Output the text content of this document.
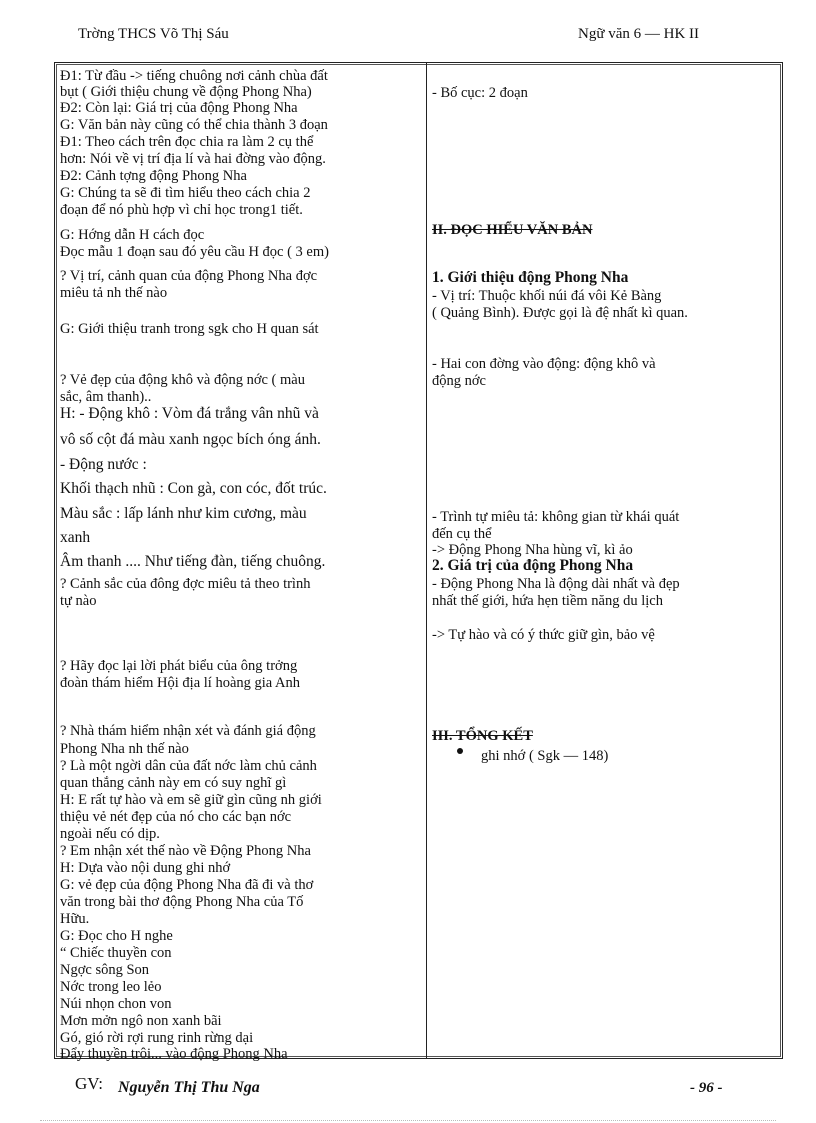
Trờng THCS Võ Thị Sáu	Ngữ văn 6 — HK II
Đ1: Từ đầu -> tiếng chuông nơi cảnh chùa đất
bụt ( Giới thiệu chung về động Phong Nha)
Đ2: Còn lại: Giá trị của động Phong Nha
G: Văn bản này cũng có thể chia thành 3 đoạn
Đ1: Theo cách trên đọc chia ra làm 2 cụ thể
hơn: Nói về vị trí địa lí và hai đờng vào động.
Đ2: Cảnh tợng động Phong Nha
G: Chúng ta sẽ đi tìm hiểu theo cách chia 2
đoạn để nó phù hợp vì chỉ học trong1 tiết.
G: Hớng dẫn H cách đọc
Đọc mẫu 1 đoạn sau đó yêu cầu H đọc ( 3 em)
? Vị trí, cảnh quan của động Phong Nha đợc
miêu tả nh thế nào
G: Giới thiệu tranh trong sgk cho H quan sát
? Vẻ đẹp của động khô và động nớc ( màu
sắc, âm thanh)..
H: - Động khô : Vòm đá trắng vân nhũ và
vô số cột đá màu xanh ngọc bích óng ánh.
- Động nước :
Khối thạch nhũ : Con gà, con cóc, đốt trúc.
Màu sắc : lấp lánh như kim cương, màu
xanh
Âm thanh .... Như tiếng đàn, tiếng chuông.
? Cảnh sắc của đông đợc miêu tả theo trình
tự nào
? Hãy đọc lại lời phát biểu của ông trởng
đoàn thám hiểm Hội địa lí hoàng gia Anh
? Nhà thám hiểm nhận xét và đánh giá động
Phong Nha nh thế nào
? Là một ngời dân của đất nớc làm chủ cảnh
quan thắng cảnh này em có suy nghĩ gì
H: E rất tự hào và em sẽ giữ gìn cũng nh giới
thiệu vẻ nét đẹp của nó cho các bạn nớc
ngoài nếu có dịp.
? Em nhận xét thế nào về Động Phong Nha
H: Dựa vào nội dung ghi nhớ
G: vẻ đẹp của động Phong Nha đã đi và thơ
văn trong bài thơ động Phong Nha của Tố
Hữu.
G: Đọc cho H nghe
“ Chiếc thuyền con
Ngợc sông Son
Nớc trong leo lẻo
Núi nhọn chon von
Mơn mởn ngô non xanh bãi
Gó, gió rời rợi rung rinh rừng dại
Đẩy thuyền trôi... vào động Phong Nha
- Bố cục: 2 đoạn
II. ĐỌC HIỂU VĂN BẢN
1. Giới thiệu động Phong Nha
- Vị trí: Thuộc khối núi đá vôi Kẻ Bàng
( Quảng Bình). Được gọi là đệ nhất kì quan.
- Hai con đờng vào động: động khô và
động nớc
- Trình tự miêu tả: không gian từ khái quát
đến cụ thể
-> Động Phong Nha hùng vĩ, kì ảo
2. Giá trị của động Phong Nha
- Động Phong Nha là động dài nhất và đẹp
nhất thế giới, hứa hẹn tiềm năng du lịch
-> Tự hào và có ý thức giữ gìn, bảo vệ
III. TỔNG KẾT
ghi nhớ ( Sgk — 148)
GV: Nguyễn Thị Thu Nga	- 96 -
